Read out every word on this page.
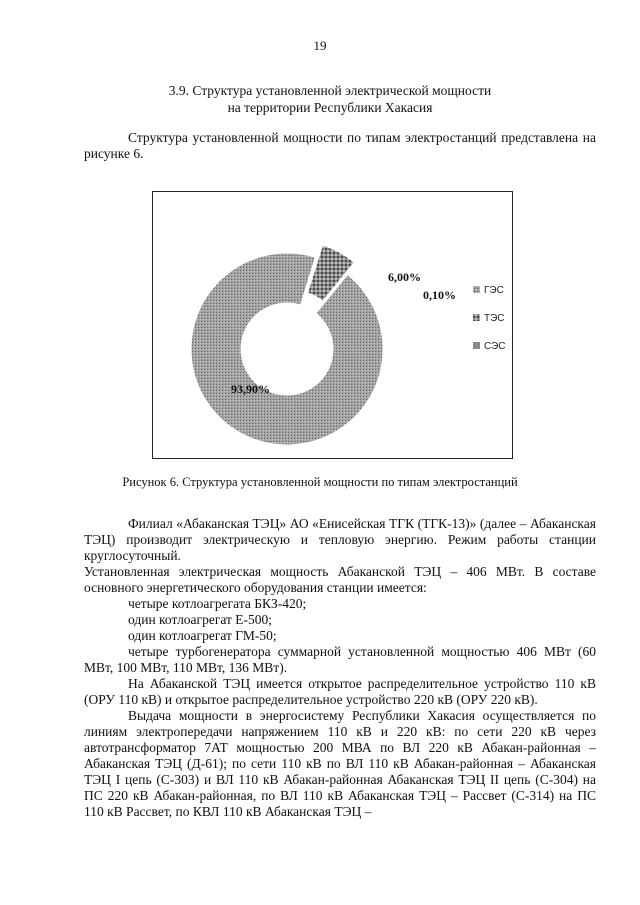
19
3.9. Структура установленной электрической мощности
на территории Республики Хакасия

Структура установленной мощности по типам электростанций представлена на рисунке 6.

93,90%
6,00%
0,10%	ГЭС
ТЭС
СЭС
Рисунок 6. Структура установленной мощности по типам электростанций

Филиал «Абаканская ТЭЦ» АО «Енисейская ТГК (ТГК-13)» (далее – Абаканская ТЭЦ) производит электрическую и тепловую энергию. Режим работы станции круглосуточный.

Установленная электрическая мощность Абаканской ТЭЦ – 406 МВт. В составе основного энергетического оборудования станции имеется:

четыре котлоагрегата БКЗ-420;

один котлоагрегат Е-500;

один котлоагрегат ГМ-50;

четыре турбогенератора суммарной установленной мощностью 406 МВт (60 МВт, 100 МВт, 110 МВт, 136 МВт).

На Абаканской ТЭЦ имеется открытое распределительное устройство 110 кВ (ОРУ 110 кВ) и открытое распределительное устройство 220 кВ (ОРУ 220 кВ).

Выдача мощности в энергосистему Республики Хакасия осуществляется по линиям электропередачи напряжением 110 кВ и 220 кВ: по сети 220 кВ через автотрансформатор 7АТ мощностью 200 МВА по ВЛ 220 кВ Абакан-районная – Абаканская ТЭЦ (Д-61); по сети 110 кВ по ВЛ 110 кВ Абакан-районная – Абаканская ТЭЦ I цепь (С-303) и ВЛ 110 кВ Абакан-районная Абаканская ТЭЦ II цепь (С-304) на ПС 220 кВ Абакан-районная, по ВЛ 110 кВ Абаканская ТЭЦ – Рассвет (С-314) на ПС 110 кВ Рассвет, по КВЛ 110 кВ Абаканская ТЭЦ –
